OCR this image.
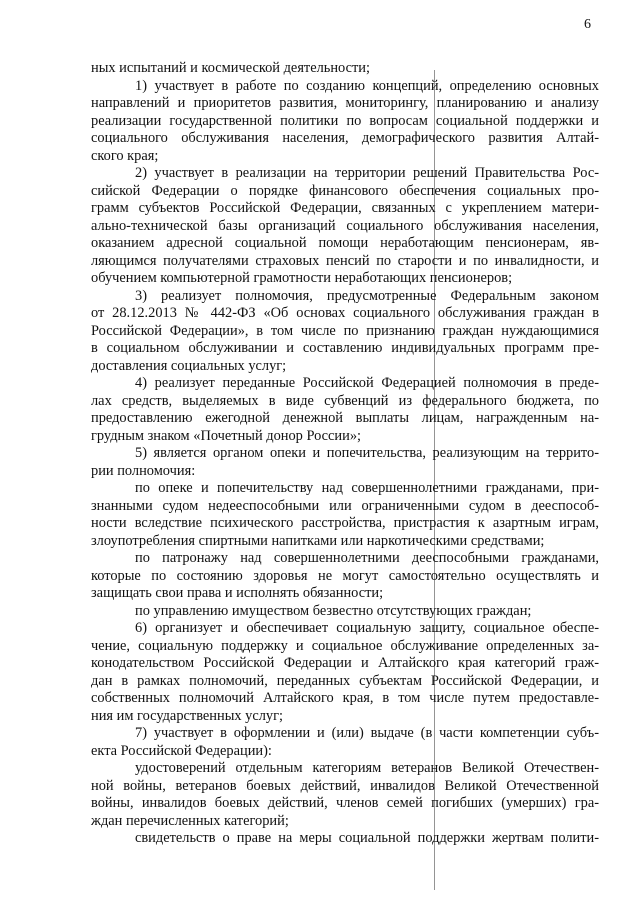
6
ных испытаний и космической деятельности;
1) участвует в работе по созданию концепций, определению основных
направлений и приоритетов развития, мониторингу, планированию и анализу
реализации государственной политики по вопросам социальной поддержки и
социального обслуживания населения, демографического развития Алтай-
ского края;
2) участвует в реализации на территории решений Правительства Рос-
сийской Федерации о порядке финансового обеспечения социальных про-
грамм субъектов Российской Федерации, связанных с укреплением матери-
ально-технической базы организаций социального обслуживания населения,
оказанием адресной социальной помощи неработающим пенсионерам, яв-
ляющимся получателями страховых пенсий по старости и по инвалидности, и
обучением компьютерной грамотности неработающих пенсионеров;
3) реализует полномочия, предусмотренные Федеральным законом
от 28.12.2013 № 442-ФЗ «Об основах социального обслуживания граждан в
Российской Федерации», в том числе по признанию граждан нуждающимися
в социальном обслуживании и составлению индивидуальных программ пре-
доставления социальных услуг;
4) реализует переданные Российской Федерацией полномочия в преде-
лах средств, выделяемых в виде субвенций из федерального бюджета, по
предоставлению ежегодной денежной выплаты лицам, награжденным на-
грудным знаком «Почетный донор России»;
5) является органом опеки и попечительства, реализующим на террито-
рии полномочия:
по опеке и попечительству над совершеннолетними гражданами, при-
знанными судом недееспособными или ограниченными судом в дееспособ-
ности вследствие психического расстройства, пристрастия к азартным играм,
злоупотребления спиртными напитками или наркотическими средствами;
по патронажу над совершеннолетними дееспособными гражданами,
которые по состоянию здоровья не могут самостоятельно осуществлять и
защищать свои права и исполнять обязанности;
по управлению имуществом безвестно отсутствующих граждан;
6) организует и обеспечивает социальную защиту, социальное обеспе-
чение, социальную поддержку и социальное обслуживание определенных за-
конодательством Российской Федерации и Алтайского края категорий граж-
дан в рамках полномочий, переданных субъектам Российской Федерации, и
собственных полномочий Алтайского края, в том числе путем предоставле-
ния им государственных услуг;
7) участвует в оформлении и (или) выдаче (в части компетенции субъ-
екта Российской Федерации):
удостоверений отдельным категориям ветеранов Великой Отечествен-
ной войны, ветеранов боевых действий, инвалидов Великой Отечественной
войны, инвалидов боевых действий, членов семей погибших (умерших) гра-
ждан перечисленных категорий;
свидетельств о праве на меры социальной поддержки жертвам полити-
